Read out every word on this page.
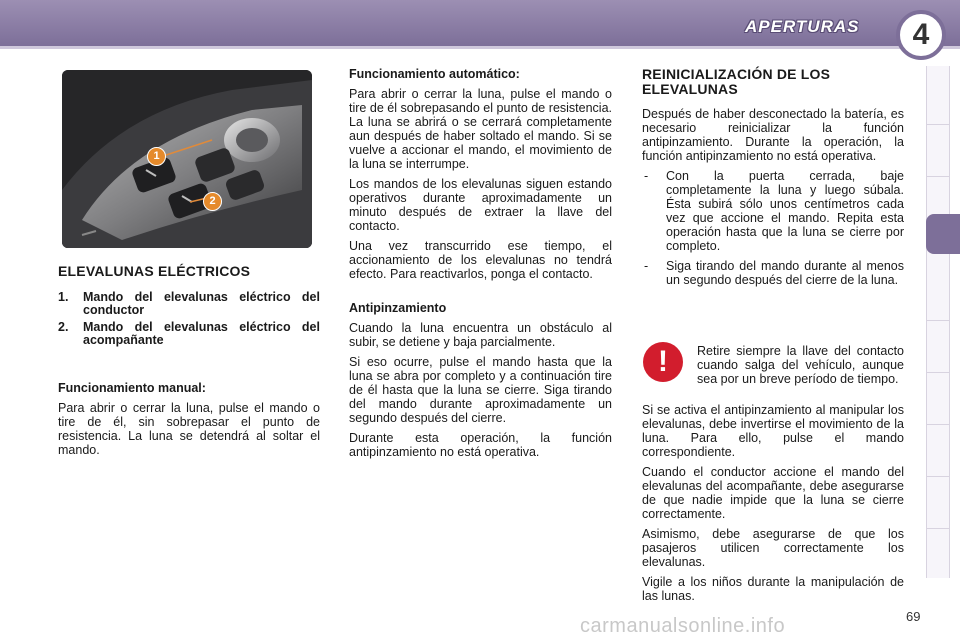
APERTURAS	4
1
2
ELEVALUNAS ELÉCTRICOS
1. Mando del elevalunas eléctrico del conductor
2. Mando del elevalunas eléctrico del acompañante
Funcionamiento manual:

Para abrir o cerrar la luna, pulse el mando o tire de él, sin sobrepasar el punto de resistencia. La luna se detendrá al soltar el mando.

Funcionamiento automático:

Para abrir o cerrar la luna, pulse el mando o tire de él sobrepasando el punto de resistencia. La luna se abrirá o se cerrará completamente aun después de haber soltado el mando. Si se vuelve a accionar el mando, el movimiento de la luna se interrumpe.

Los mandos de los elevalunas siguen estando operativos durante aproximadamente un minuto después de extraer la llave del contacto.

Una vez transcurrido ese tiempo, el accionamiento de los elevalunas no tendrá efecto. Para reactivarlos, ponga el contacto.

Antipinzamiento

Cuando la luna encuentra un obstáculo al subir, se detiene y baja parcialmente.

Si eso ocurre, pulse el mando hasta que la luna se abra por completo y a continuación tire de él hasta que la luna se cierre. Siga tirando del mando durante aproximadamente un segundo después del cierre.

Durante esta operación, la función antipinzamiento no está operativa.

REINICIALIZACIÓN DE LOS ELEVALUNAS

Después de haber desconectado la batería, es necesario reinicializar la función antipinzamiento. Durante la operación, la función antipinzamiento no está operativa.

- Con la puerta cerrada, baje completamente la luna y luego súbala. Ésta subirá sólo unos centímetros cada vez que accione el mando. Repita esta operación hasta que la luna se cierre por completo.
- Siga tirando del mando durante al menos un segundo después del cierre de la luna.
!	Retire siempre la llave del contacto cuando salga del vehículo, aunque sea por un breve período de tiempo.

Si se activa el antipinzamiento al manipular los elevalunas, debe invertirse el movimiento de la luna. Para ello, pulse el mando correspondiente.

Cuando el conductor accione el mando del elevalunas del acompañante, debe asegurarse de que nadie impide que la luna se cierre correctamente.

Asimismo, debe asegurarse de que los pasajeros utilicen correctamente los elevalunas.

Vigile a los niños durante la manipulación de las lunas.

carmanualsonline.info	69
